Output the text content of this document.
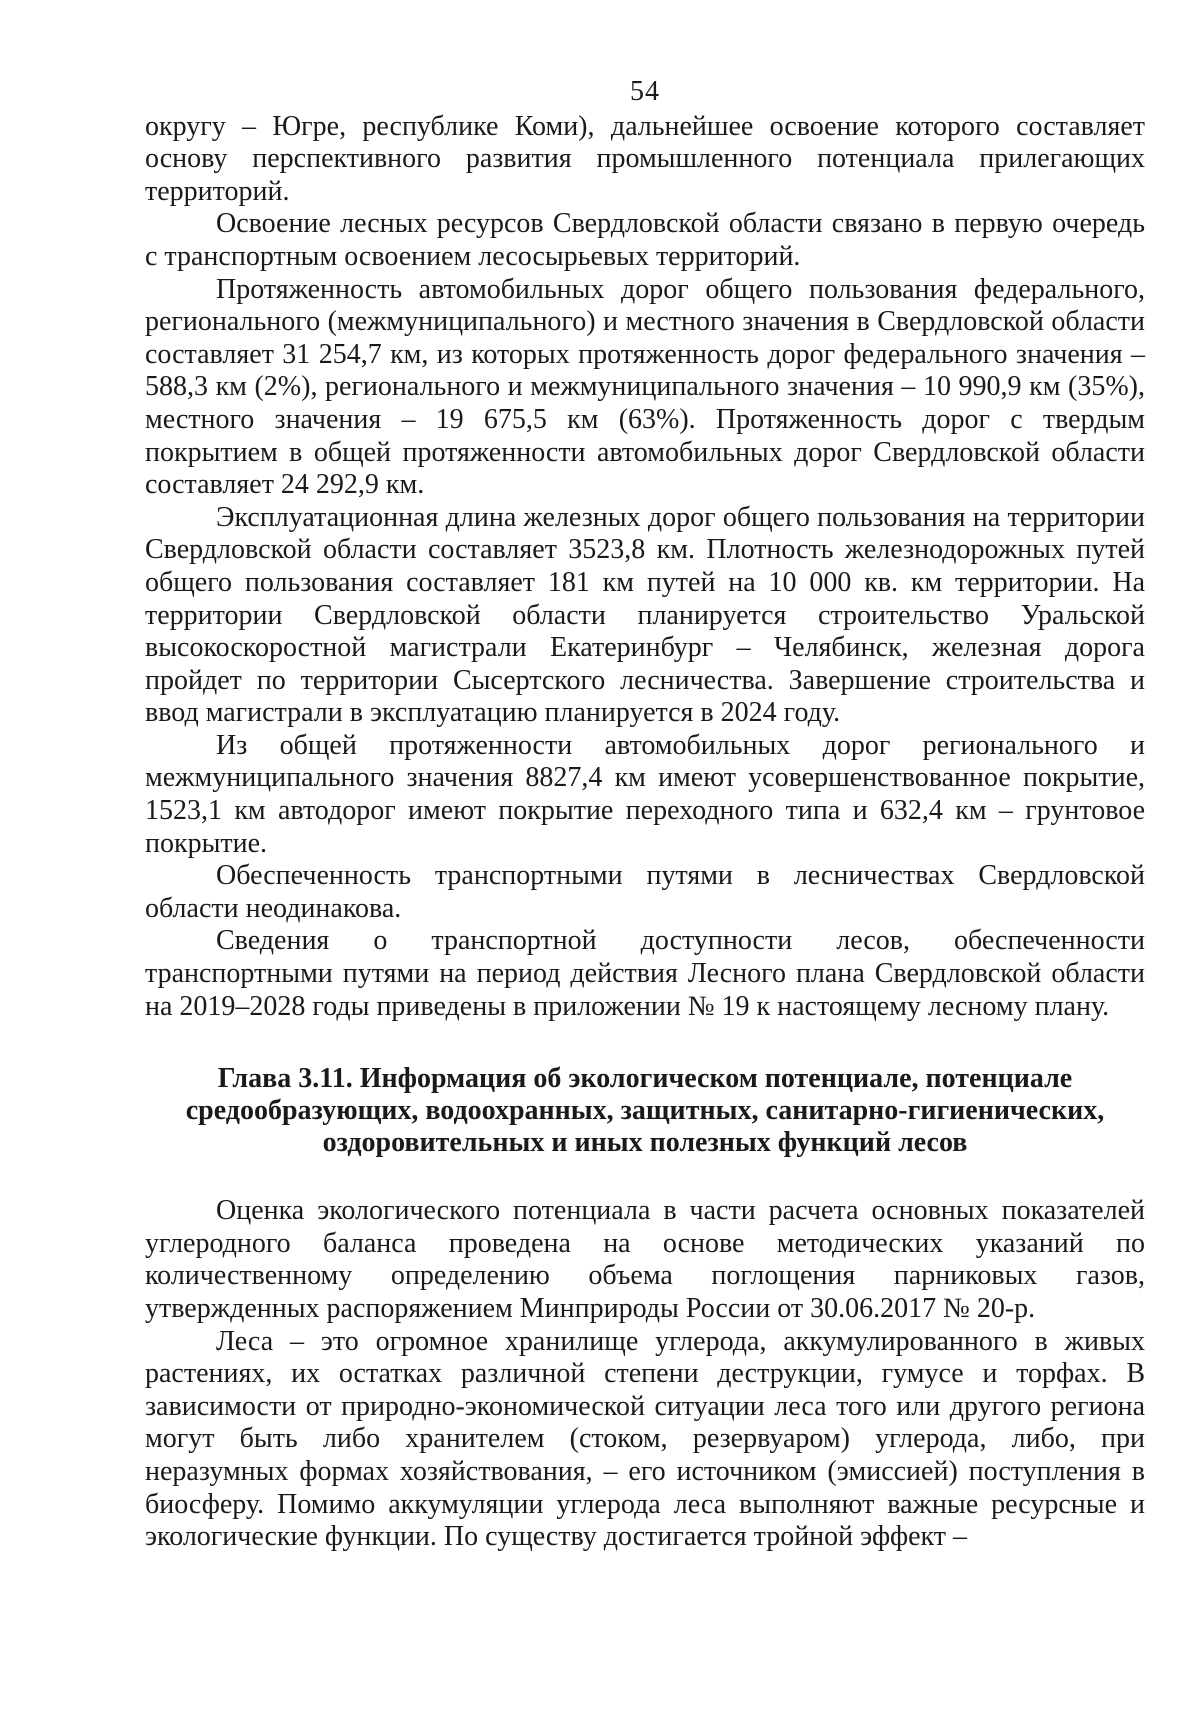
54

округу – Югре, республике Коми), дальнейшее освоение которого составляет основу перспективного развития промышленного потенциала прилегающих территорий.

Освоение лесных ресурсов Свердловской области связано в первую очередь с транспортным освоением лесосырьевых территорий.

Протяженность автомобильных дорог общего пользования федерального, регионального (межмуниципального) и местного значения в Свердловской области составляет 31 254,7 км, из которых протяженность дорог федерального значения – 588,3 км (2%), регионального и межмуниципального значения – 10 990,9 км (35%), местного значения – 19 675,5 км (63%). Протяженность дорог с твердым покрытием в общей протяженности автомобильных дорог Свердловской области составляет 24 292,9 км.

Эксплуатационная длина железных дорог общего пользования на территории Свердловской области составляет 3523,8 км. Плотность железнодорожных путей общего пользования составляет 181 км путей на 10 000 кв. км территории. На территории Свердловской области планируется строительство Уральской высокоскоростной магистрали Екатеринбург – Челябинск, железная дорога пройдет по территории Сысертского лесничества. Завершение строительства и ввод магистрали в эксплуатацию планируется в 2024 году.

Из общей протяженности автомобильных дорог регионального и межмуниципального значения 8827,4 км имеют усовершенствованное покрытие, 1523,1 км автодорог имеют покрытие переходного типа и 632,4 км – грунтовое покрытие.

Обеспеченность транспортными путями в лесничествах Свердловской области неодинакова.

Сведения о транспортной доступности лесов, обеспеченности транспортными путями на период действия Лесного плана Свердловской области на 2019–2028 годы приведены в приложении № 19 к настоящему лесному плану.

Глава 3.11. Информация об экологическом потенциале, потенциале
средообразующих, водоохранных, защитных, санитарно-гигиенических,
оздоровительных и иных полезных функций лесов

Оценка экологического потенциала в части расчета основных показателей углеродного баланса проведена на основе методических указаний по количественному определению объема поглощения парниковых газов, утвержденных распоряжением Минприроды России от 30.06.2017 № 20-р.

Леса – это огромное хранилище углерода, аккумулированного в живых растениях, их остатках различной степени деструкции, гумусе и торфах. В зависимости от природно-экономической ситуации леса того или другого региона могут быть либо хранителем (стоком, резервуаром) углерода, либо, при неразумных формах хозяйствования, – его источником (эмиссией) поступления в биосферу. Помимо аккумуляции углерода леса выполняют важные ресурсные и экологические функции. По существу достигается тройной эффект –
